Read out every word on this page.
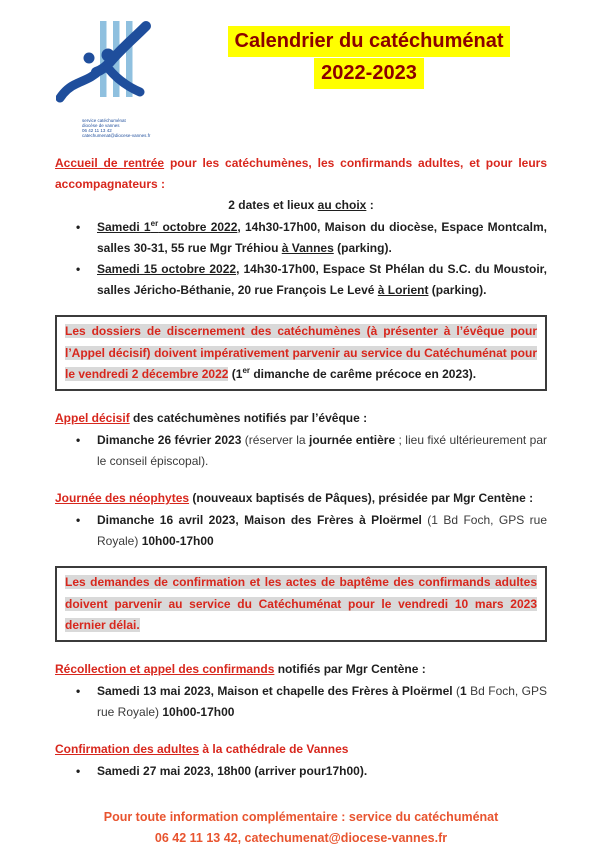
service catéchuménat
diocèse de vannes
06 42 11 13 42
catechumenat@diocese-vannes.fr
Calendrier du catéchuménat
2022-2023

Accueil de rentrée pour les catéchumènes, les confirmands adultes, et pour leurs accompagnateurs :

2 dates et lieux au choix :

•	Samedi 1er octobre 2022, 14h30-17h00, Maison du diocèse, Espace Montcalm, salles 30-31, 55 rue Mgr Tréhiou à Vannes (parking).
•	Samedi 15 octobre 2022, 14h30-17h00, Espace St Phélan du S.C. du Moustoir, salles Jéricho-Béthanie, 20 rue François Le Levé à Lorient (parking).
Les dossiers de discernement des catéchumènes (à présenter à l’évêque pour l’Appel décisif) doivent impérativement parvenir au service du Catéchuménat pour le vendredi 2 décembre 2022 (1er dimanche de carême précoce en 2023).

Appel décisif des catéchumènes notifiés par l’évêque :

•	Dimanche 26 février 2023 (réserver la journée entière ; lieu fixé ultérieurement par le conseil épiscopal).

Journée des néophytes (nouveaux baptisés de Pâques), présidée par Mgr Centène :

•	Dimanche 16 avril 2023, Maison des Frères à Ploërmel (1 Bd Foch, GPS rue Royale) 10h00-17h00
Les demandes de confirmation et les actes de baptême des confirmands adultes doivent parvenir au service du Catéchuménat pour le vendredi 10 mars 2023 dernier délai.

Récollection et appel des confirmands notifiés par Mgr Centène :

•	Samedi 13 mai 2023, Maison et chapelle des Frères à Ploërmel (1 Bd Foch, GPS rue Royale) 10h00-17h00

Confirmation des adultes à la cathédrale de Vannes

•	Samedi 27 mai 2023, 18h00 (arriver pour17h00).
Pour toute information complémentaire : service du catéchuménat
06 42 11 13 42, catechumenat@diocese-vannes.fr
